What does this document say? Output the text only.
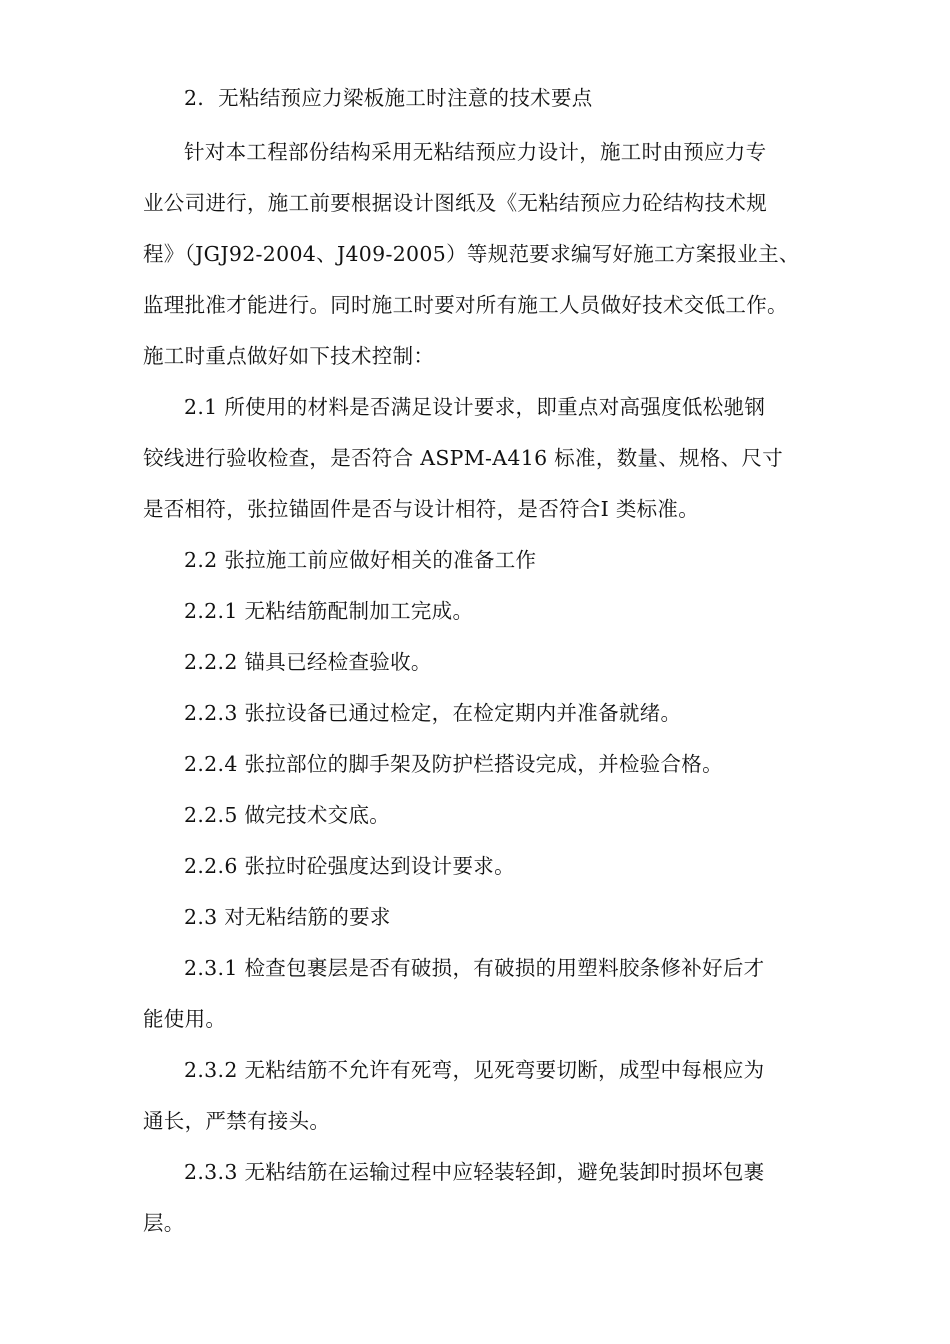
2．无粘结预应力梁板施工时注意的技术要点

针对本工程部份结构采用无粘结预应力设计，施工时由预应力专
业公司进行，施工前要根据设计图纸及《无粘结预应力砼结构技术规
程》（JGJ92-2004、J409-2005）等规范要求编写好施工方案报业主、
监理批准才能进行。同时施工时要对所有施工人员做好技术交低工作。
施工时重点做好如下技术控制：

2.1 所使用的材料是否满足设计要求，即重点对高强度低松驰钢
铰线进行验收检查，是否符合 ASPM-A416 标准，数量、规格、尺寸
是否相符，张拉锚固件是否与设计相符，是否符合Ⅰ 类标准。

2.2 张拉施工前应做好相关的准备工作

2.2.1 无粘结筋配制加工完成。

2.2.2 锚具已经检查验收。

2.2.3 张拉设备已通过检定，在检定期内并准备就绪。

2.2.4 张拉部位的脚手架及防护栏搭设完成，并检验合格。

2.2.5 做完技术交底。

2.2.6 张拉时砼强度达到设计要求。

2.3 对无粘结筋的要求

2.3.1 检查包裹层是否有破损，有破损的用塑料胶条修补好后才
能使用。

2.3.2 无粘结筋不允许有死弯，见死弯要切断，成型中每根应为
通长，严禁有接头。

2.3.3 无粘结筋在运输过程中应轻装轻卸，避免装卸时损坏包裹
层。
